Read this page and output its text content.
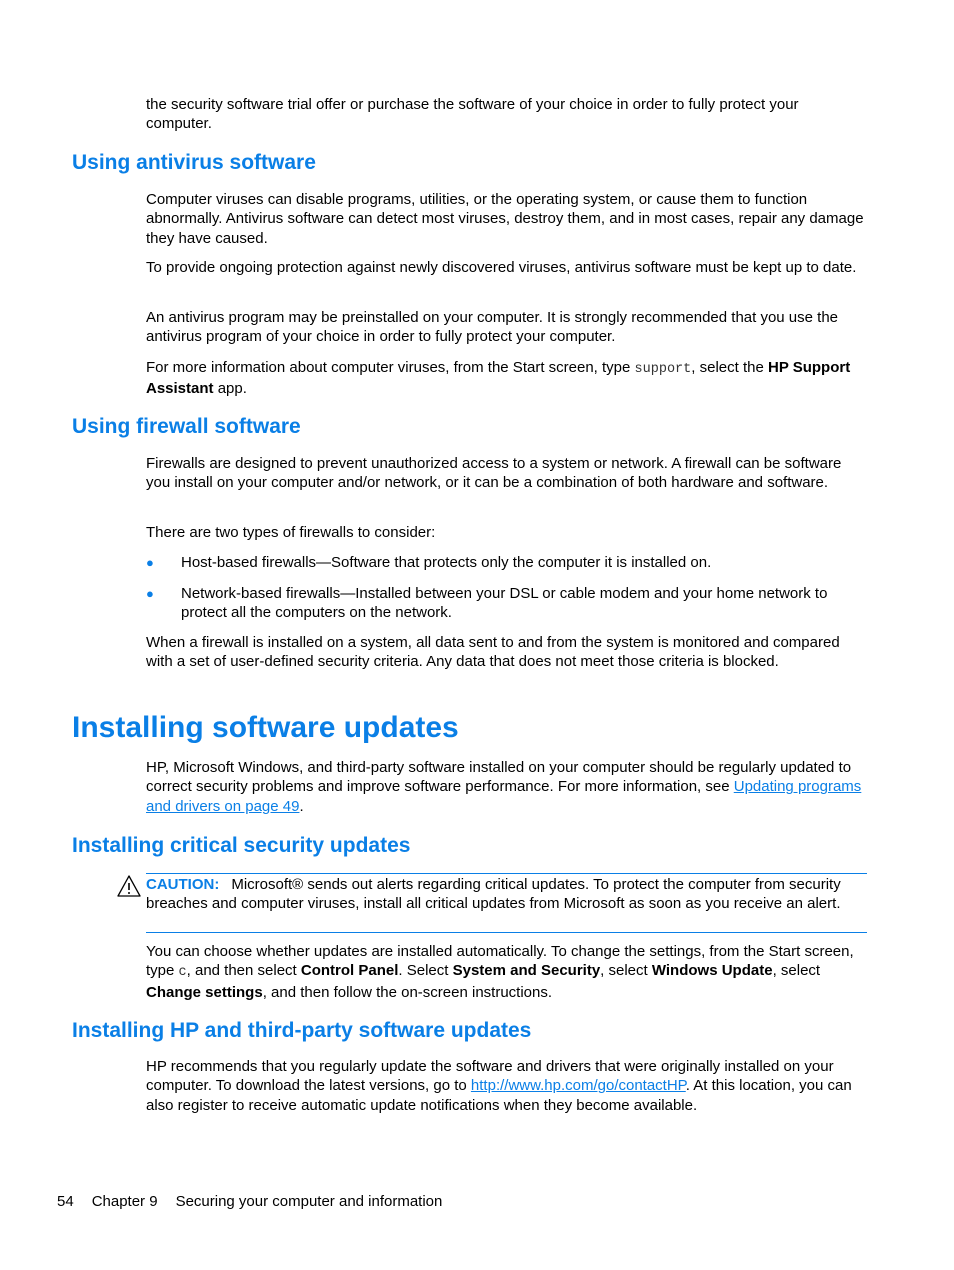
the security software trial offer or purchase the software of your choice in order to fully protect your computer.

Using antivirus software

Computer viruses can disable programs, utilities, or the operating system, or cause them to function abnormally. Antivirus software can detect most viruses, destroy them, and in most cases, repair any damage they have caused.

To provide ongoing protection against newly discovered viruses, antivirus software must be kept up to date.

An antivirus program may be preinstalled on your computer. It is strongly recommended that you use the antivirus program of your choice in order to fully protect your computer.

For more information about computer viruses, from the Start screen, type support, select the HP Support Assistant app.

Using firewall software

Firewalls are designed to prevent unauthorized access to a system or network. A firewall can be software you install on your computer and/or network, or it can be a combination of both hardware and software.

There are two types of firewalls to consider:

● Host-based firewalls—Software that protects only the computer it is installed on.
● Network-based firewalls—Installed between your DSL or cable modem and your home network to protect all the computers on the network.

When a firewall is installed on a system, all data sent to and from the system is monitored and compared with a set of user-defined security criteria. Any data that does not meet those criteria is blocked.

Installing software updates

HP, Microsoft Windows, and third-party software installed on your computer should be regularly updated to correct security problems and improve software performance. For more information, see Updating programs and drivers on page 49.

Installing critical security updates

CAUTION: Microsoft® sends out alerts regarding critical updates. To protect the computer from security breaches and computer viruses, install all critical updates from Microsoft as soon as you receive an alert.

You can choose whether updates are installed automatically. To change the settings, from the Start screen, type c, and then select Control Panel. Select System and Security, select Windows Update, select Change settings, and then follow the on-screen instructions.

Installing HP and third-party software updates

HP recommends that you regularly update the software and drivers that were originally installed on your computer. To download the latest versions, go to http://www.hp.com/go/contactHP. At this location, you can also register to receive automatic update notifications when they become available.

54 Chapter 9 Securing your computer and information
